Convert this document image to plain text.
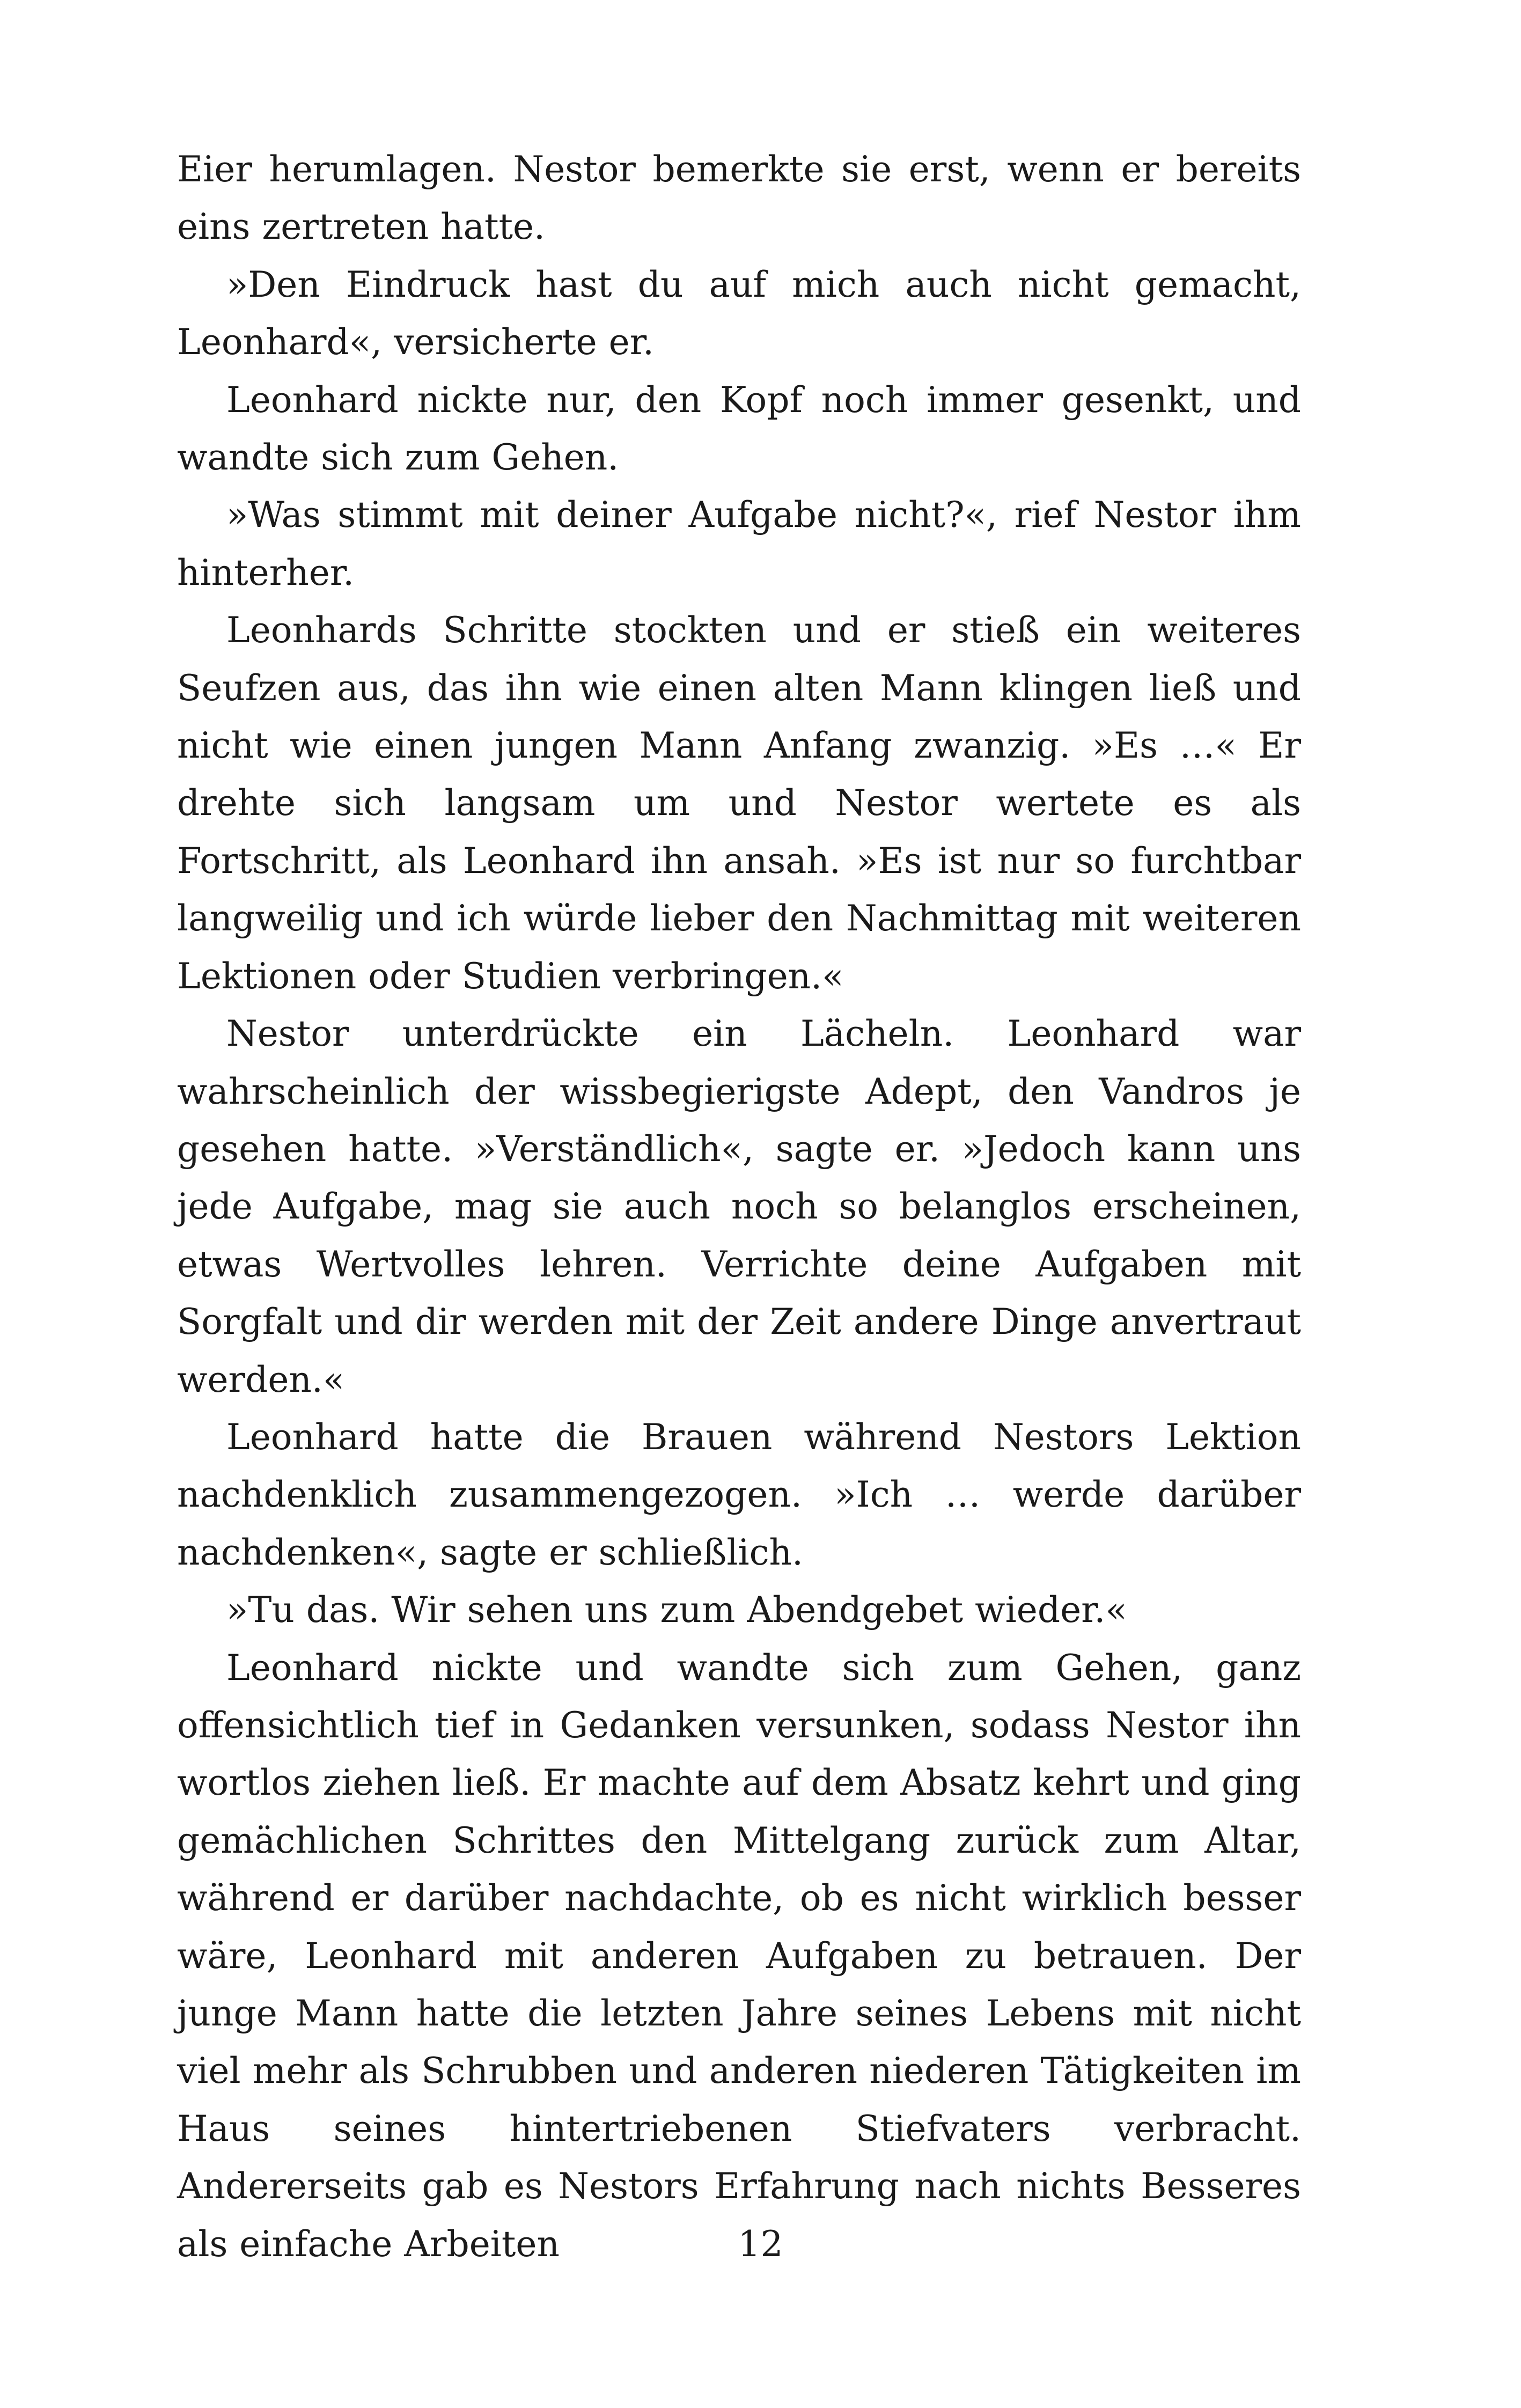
Eier herumlagen. Nestor bemerkte sie erst, wenn er bereits eins zertreten hatte.

»Den Eindruck hast du auf mich auch nicht gemacht, Leonhard«, versicherte er.

Leonhard nickte nur, den Kopf noch immer gesenkt, und wandte sich zum Gehen.

»Was stimmt mit deiner Aufgabe nicht?«, rief Nestor ihm hinterher.

Leonhards Schritte stockten und er stieß ein weiteres Seufzen aus, das ihn wie einen alten Mann klingen ließ und nicht wie einen jungen Mann Anfang zwanzig. »Es …« Er drehte sich langsam um und Nestor wertete es als Fortschritt, als Leonhard ihn ansah. »Es ist nur so furchtbar langweilig und ich würde lieber den Nachmittag mit weiteren Lektionen oder Studien verbringen.«

Nestor unterdrückte ein Lächeln. Leonhard war wahrscheinlich der wissbegierigste Adept, den Vandros je gesehen hatte. »Verständlich«, sagte er. »Jedoch kann uns jede Aufgabe, mag sie auch noch so belanglos erscheinen, etwas Wertvolles lehren. Verrichte deine Aufgaben mit Sorgfalt und dir werden mit der Zeit andere Dinge anvertraut werden.«

Leonhard hatte die Brauen während Nestors Lektion nachdenklich zusammengezogen. »Ich … werde darüber nachdenken«, sagte er schließlich.

»Tu das. Wir sehen uns zum Abendgebet wieder.«

Leonhard nickte und wandte sich zum Gehen, ganz offensichtlich tief in Gedanken versunken, sodass Nestor ihn wortlos ziehen ließ. Er machte auf dem Absatz kehrt und ging gemächlichen Schrittes den Mittelgang zurück zum Altar, während er darüber nachdachte, ob es nicht wirklich besser wäre, Leonhard mit anderen Aufgaben zu betrauen. Der junge Mann hatte die letzten Jahre seines Lebens mit nicht viel mehr als Schrubben und anderen niederen Tätigkeiten im Haus seines hintertriebenen Stiefvaters verbracht. Andererseits gab es Nestors Erfahrung nach nichts Besseres als einfache Arbeiten	12
